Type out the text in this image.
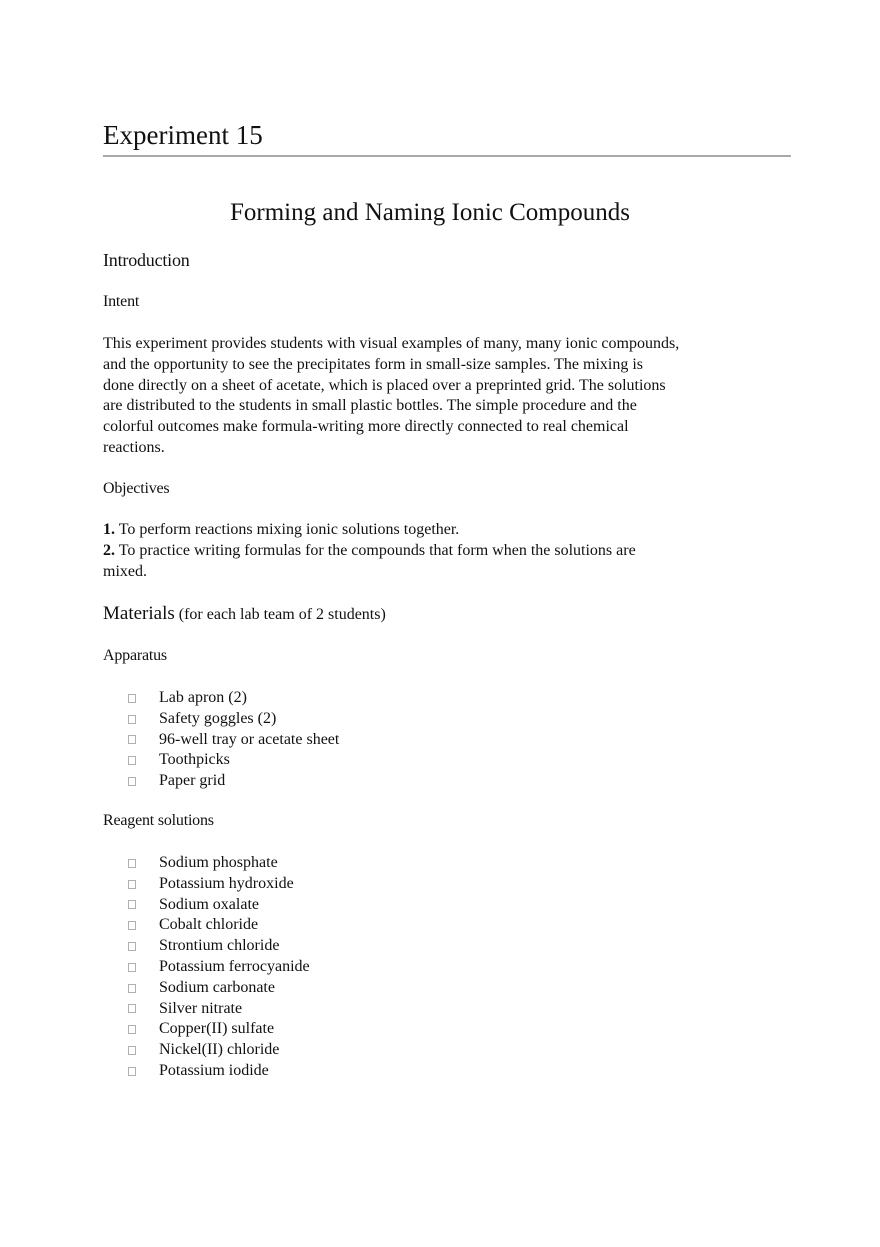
Experiment 15
Forming and Naming Ionic Compounds
Introduction
Intent
This experiment provides students with visual examples of many, many ionic compounds,
and the opportunity to see the precipitates form in small-size samples. The mixing is
done directly on a sheet of acetate, which is placed over a preprinted grid. The solutions
are distributed to the students in small plastic bottles. The simple procedure and the
colorful outcomes make formula-writing more directly connected to real chemical
reactions.
Objectives
1. To perform reactions mixing ionic solutions together.
2. To practice writing formulas for the compounds that form when the solutions are
mixed.
Materials (for each lab team of 2 students)
Apparatus
Lab apron (2)
Safety goggles (2)
96-well tray or acetate sheet
Toothpicks
Paper grid
Reagent solutions
Sodium phosphate
Potassium hydroxide
Sodium oxalate
Cobalt chloride
Strontium chloride
Potassium ferrocyanide
Sodium carbonate
Silver nitrate
Copper(II) sulfate
Nickel(II) chloride
Potassium iodide
